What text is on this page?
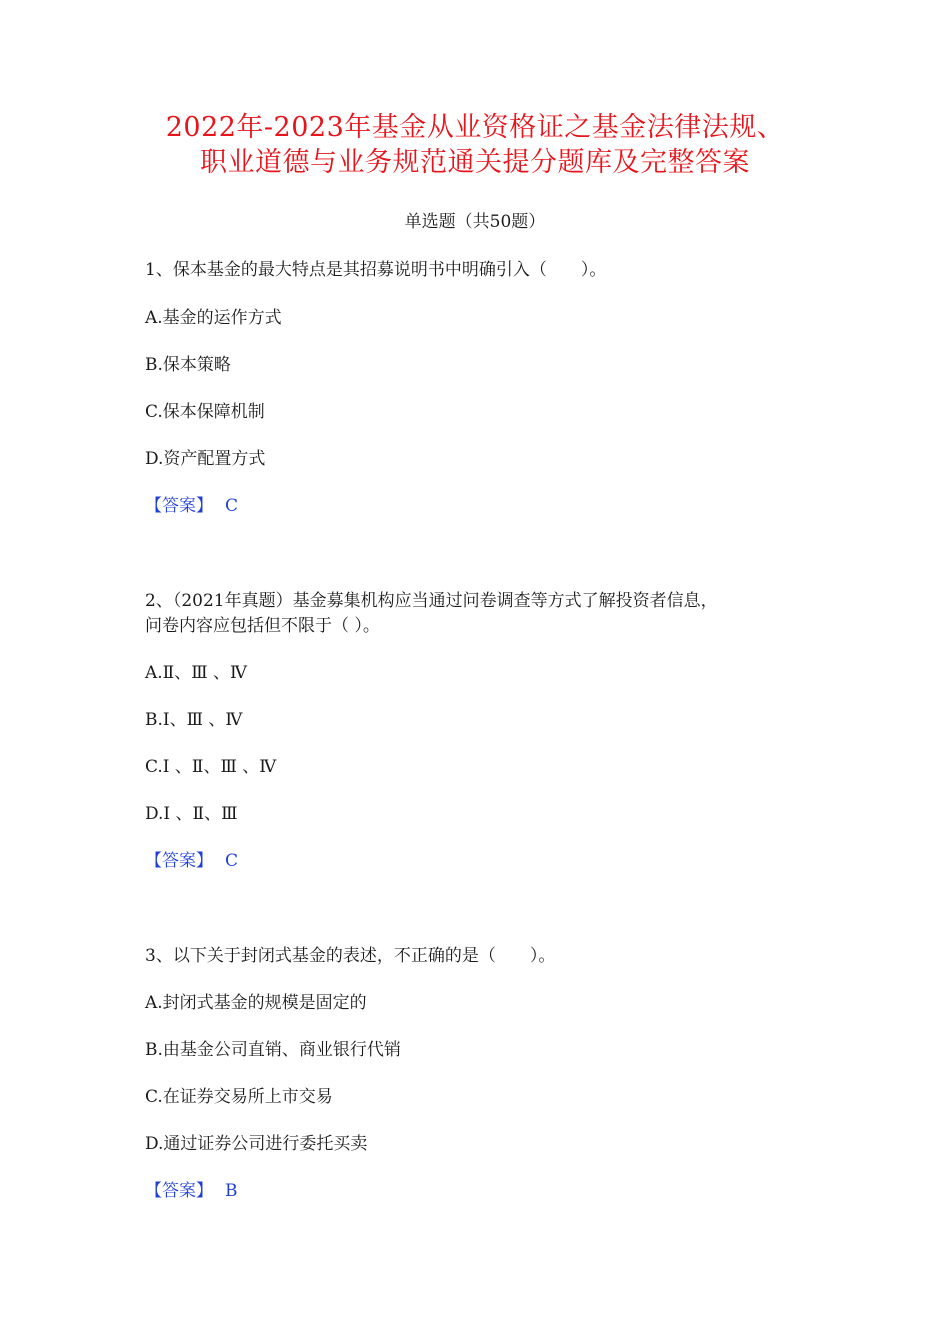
2022年-2023年基金从业资格证之基金法律法规、
职业道德与业务规范通关提分题库及完整答案
单选题（共50题）
1、保本基金的最大特点是其招募说明书中明确引入（　　）。
A.基金的运作方式
B.保本策略
C.保本保障机制
D.资产配置方式
【答案】 C
2、（2021年真题）基金募集机构应当通过问卷调查等方式了解投资者信息，
问卷内容应包括但不限于（ ）。
A.Ⅱ、Ⅲ 、Ⅳ
B.Ⅰ、Ⅲ 、Ⅳ
C.Ⅰ 、Ⅱ、Ⅲ 、Ⅳ
D.Ⅰ 、Ⅱ、Ⅲ
【答案】 C
3、以下关于封闭式基金的表述，不正确的是（　　）。
A.封闭式基金的规模是固定的
B.由基金公司直销、商业银行代销
C.在证券交易所上市交易
D.通过证券公司进行委托买卖
【答案】 B
